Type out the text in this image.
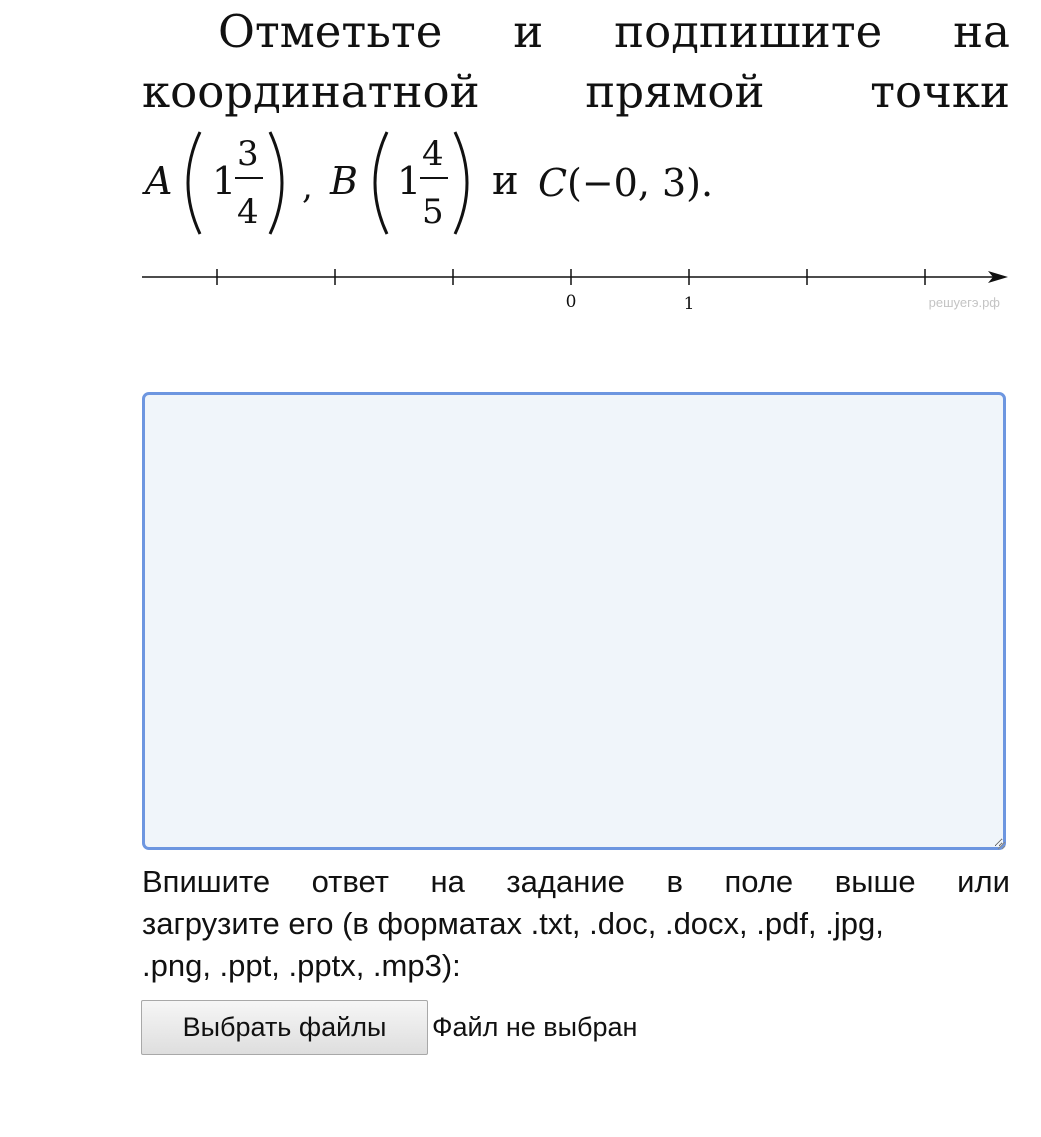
Отметьте и подпишите на
координатной прямой точки
A 1
3
4
, B 1
4
5
и C (−0, 3).
0	1	решуегэ.рф
Впишите ответ на задание в поле выше или
загрузите его (в форматах .txt, .doc, .docx, .pdf, .jpg,
.png, .ppt, .pptx, .mp3):
Выбрать файлы	Файл не выбран
